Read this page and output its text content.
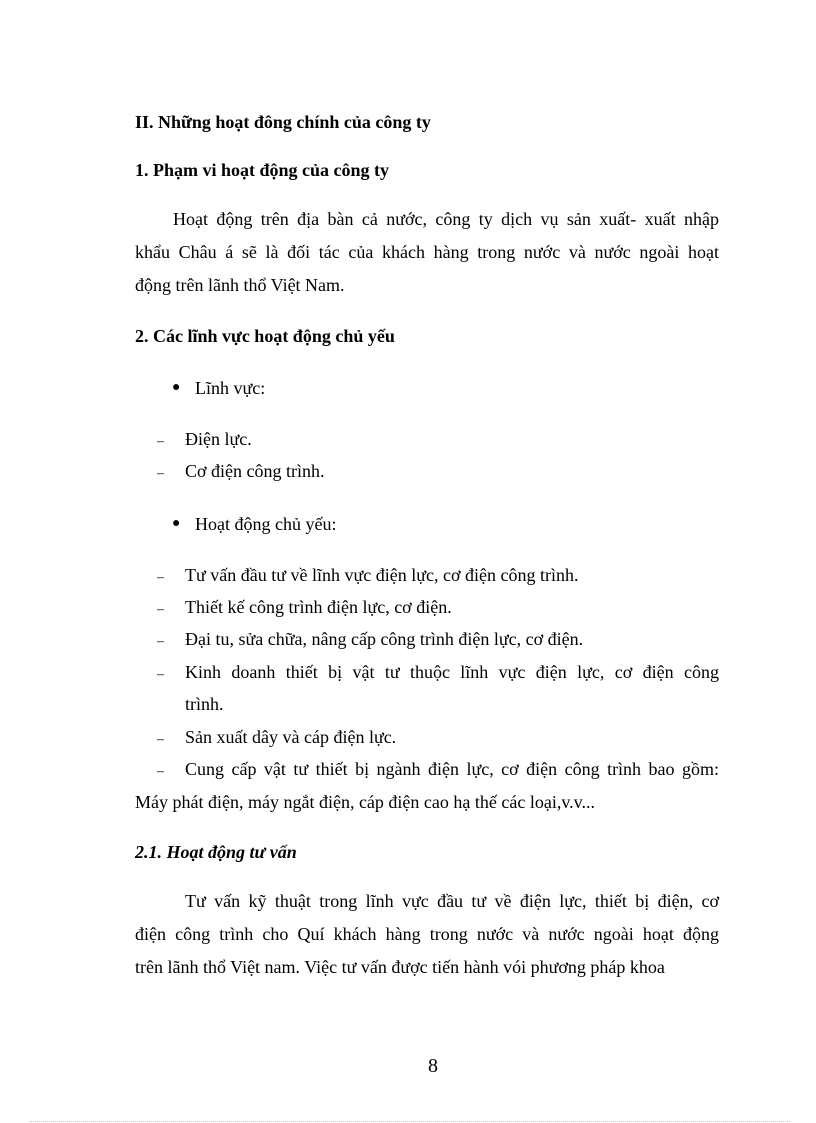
II. Những hoạt đông chính của công ty
1. Phạm vi hoạt động của công ty
Hoạt động trên địa bàn cả nước, công ty dịch vụ sản xuất- xuất nhập
khẩu Châu á sẽ là đối tác của khách hàng trong nước và nước ngoài hoạt
động trên lãnh thổ Việt Nam.
2. Các lĩnh vực hoạt động chủ yếu
● Lĩnh vực:
– Điện lực.
– Cơ điện công trình.
● Hoạt động chủ yếu:
– Tư vấn đầu tư về lĩnh vực điện lực, cơ điện công trình.
– Thiết kế công trình điện lực, cơ điện.
– Đại tu, sửa chữa, nâng cấp công trình điện lực, cơ điện.
– Kinh doanh thiết bị vật tư thuộc lĩnh vực điện lực, cơ điện công
trình.
– Sản xuất dây và cáp điện lực.
– Cung cấp vật tư thiết bị ngành điện lực, cơ điện công trình bao gồm:
Máy phát điện, máy ngắt điện, cáp điện cao hạ thế các loại,v.v...
2.1. Hoạt động tư vấn
Tư vấn kỹ thuật trong lĩnh vực đầu tư về điện lực, thiết bị điện, cơ
điện công trình cho Quí khách hàng trong nước và nước ngoài hoạt động
trên lãnh thổ Việt nam. Việc tư vấn được tiến hành vói phương pháp khoa
8
